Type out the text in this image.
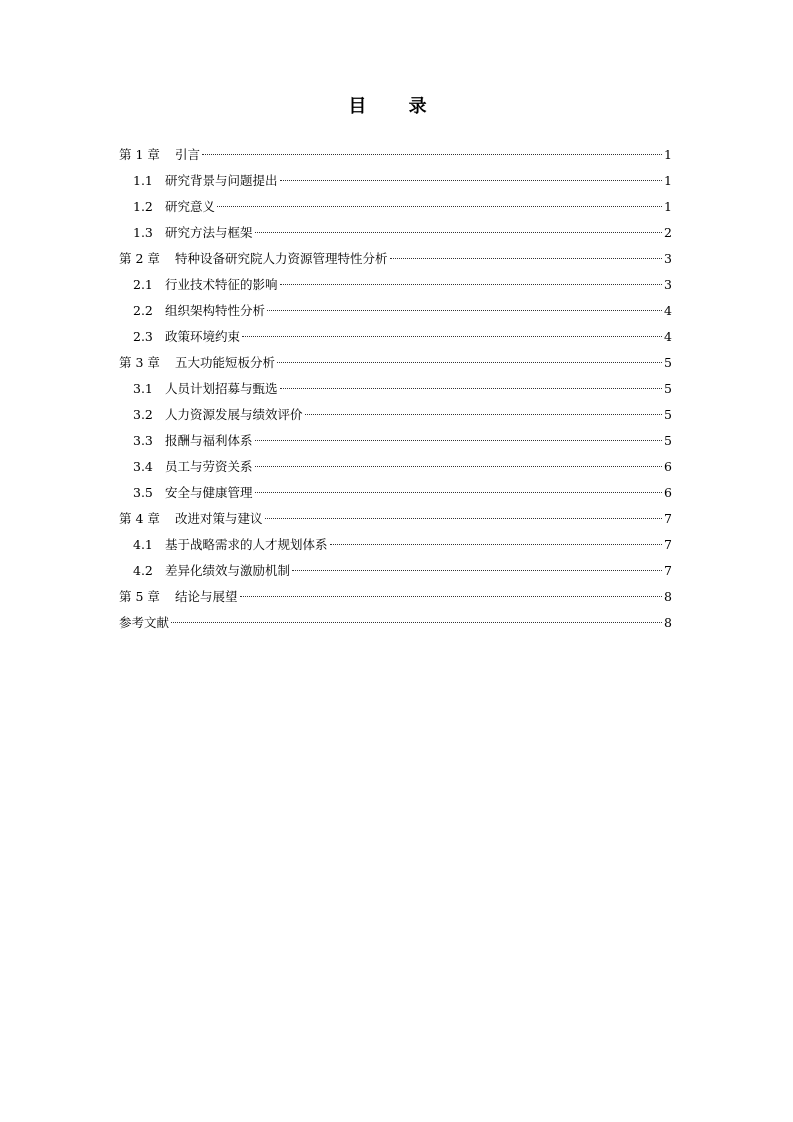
目 录
第 1 章	引言	1
1.1 研究背景与问题提出	1
1.2 研究意义	1
1.3 研究方法与框架	2
第 2 章	特种设备研究院人力资源管理特性分析	3
2.1 行业技术特征的影响	3
2.2 组织架构特性分析	4
2.3 政策环境约束	4
第 3 章	五大功能短板分析	5
3.1 人员计划招募与甄选	5
3.2 人力资源发展与绩效评价	5
3.3 报酬与福利体系	5
3.4 员工与劳资关系	6
3.5 安全与健康管理	6
第 4 章	改进对策与建议	7
4.1 基于战略需求的人才规划体系	7
4.2 差异化绩效与激励机制	7
第 5 章	结论与展望	8
参考文献	8
